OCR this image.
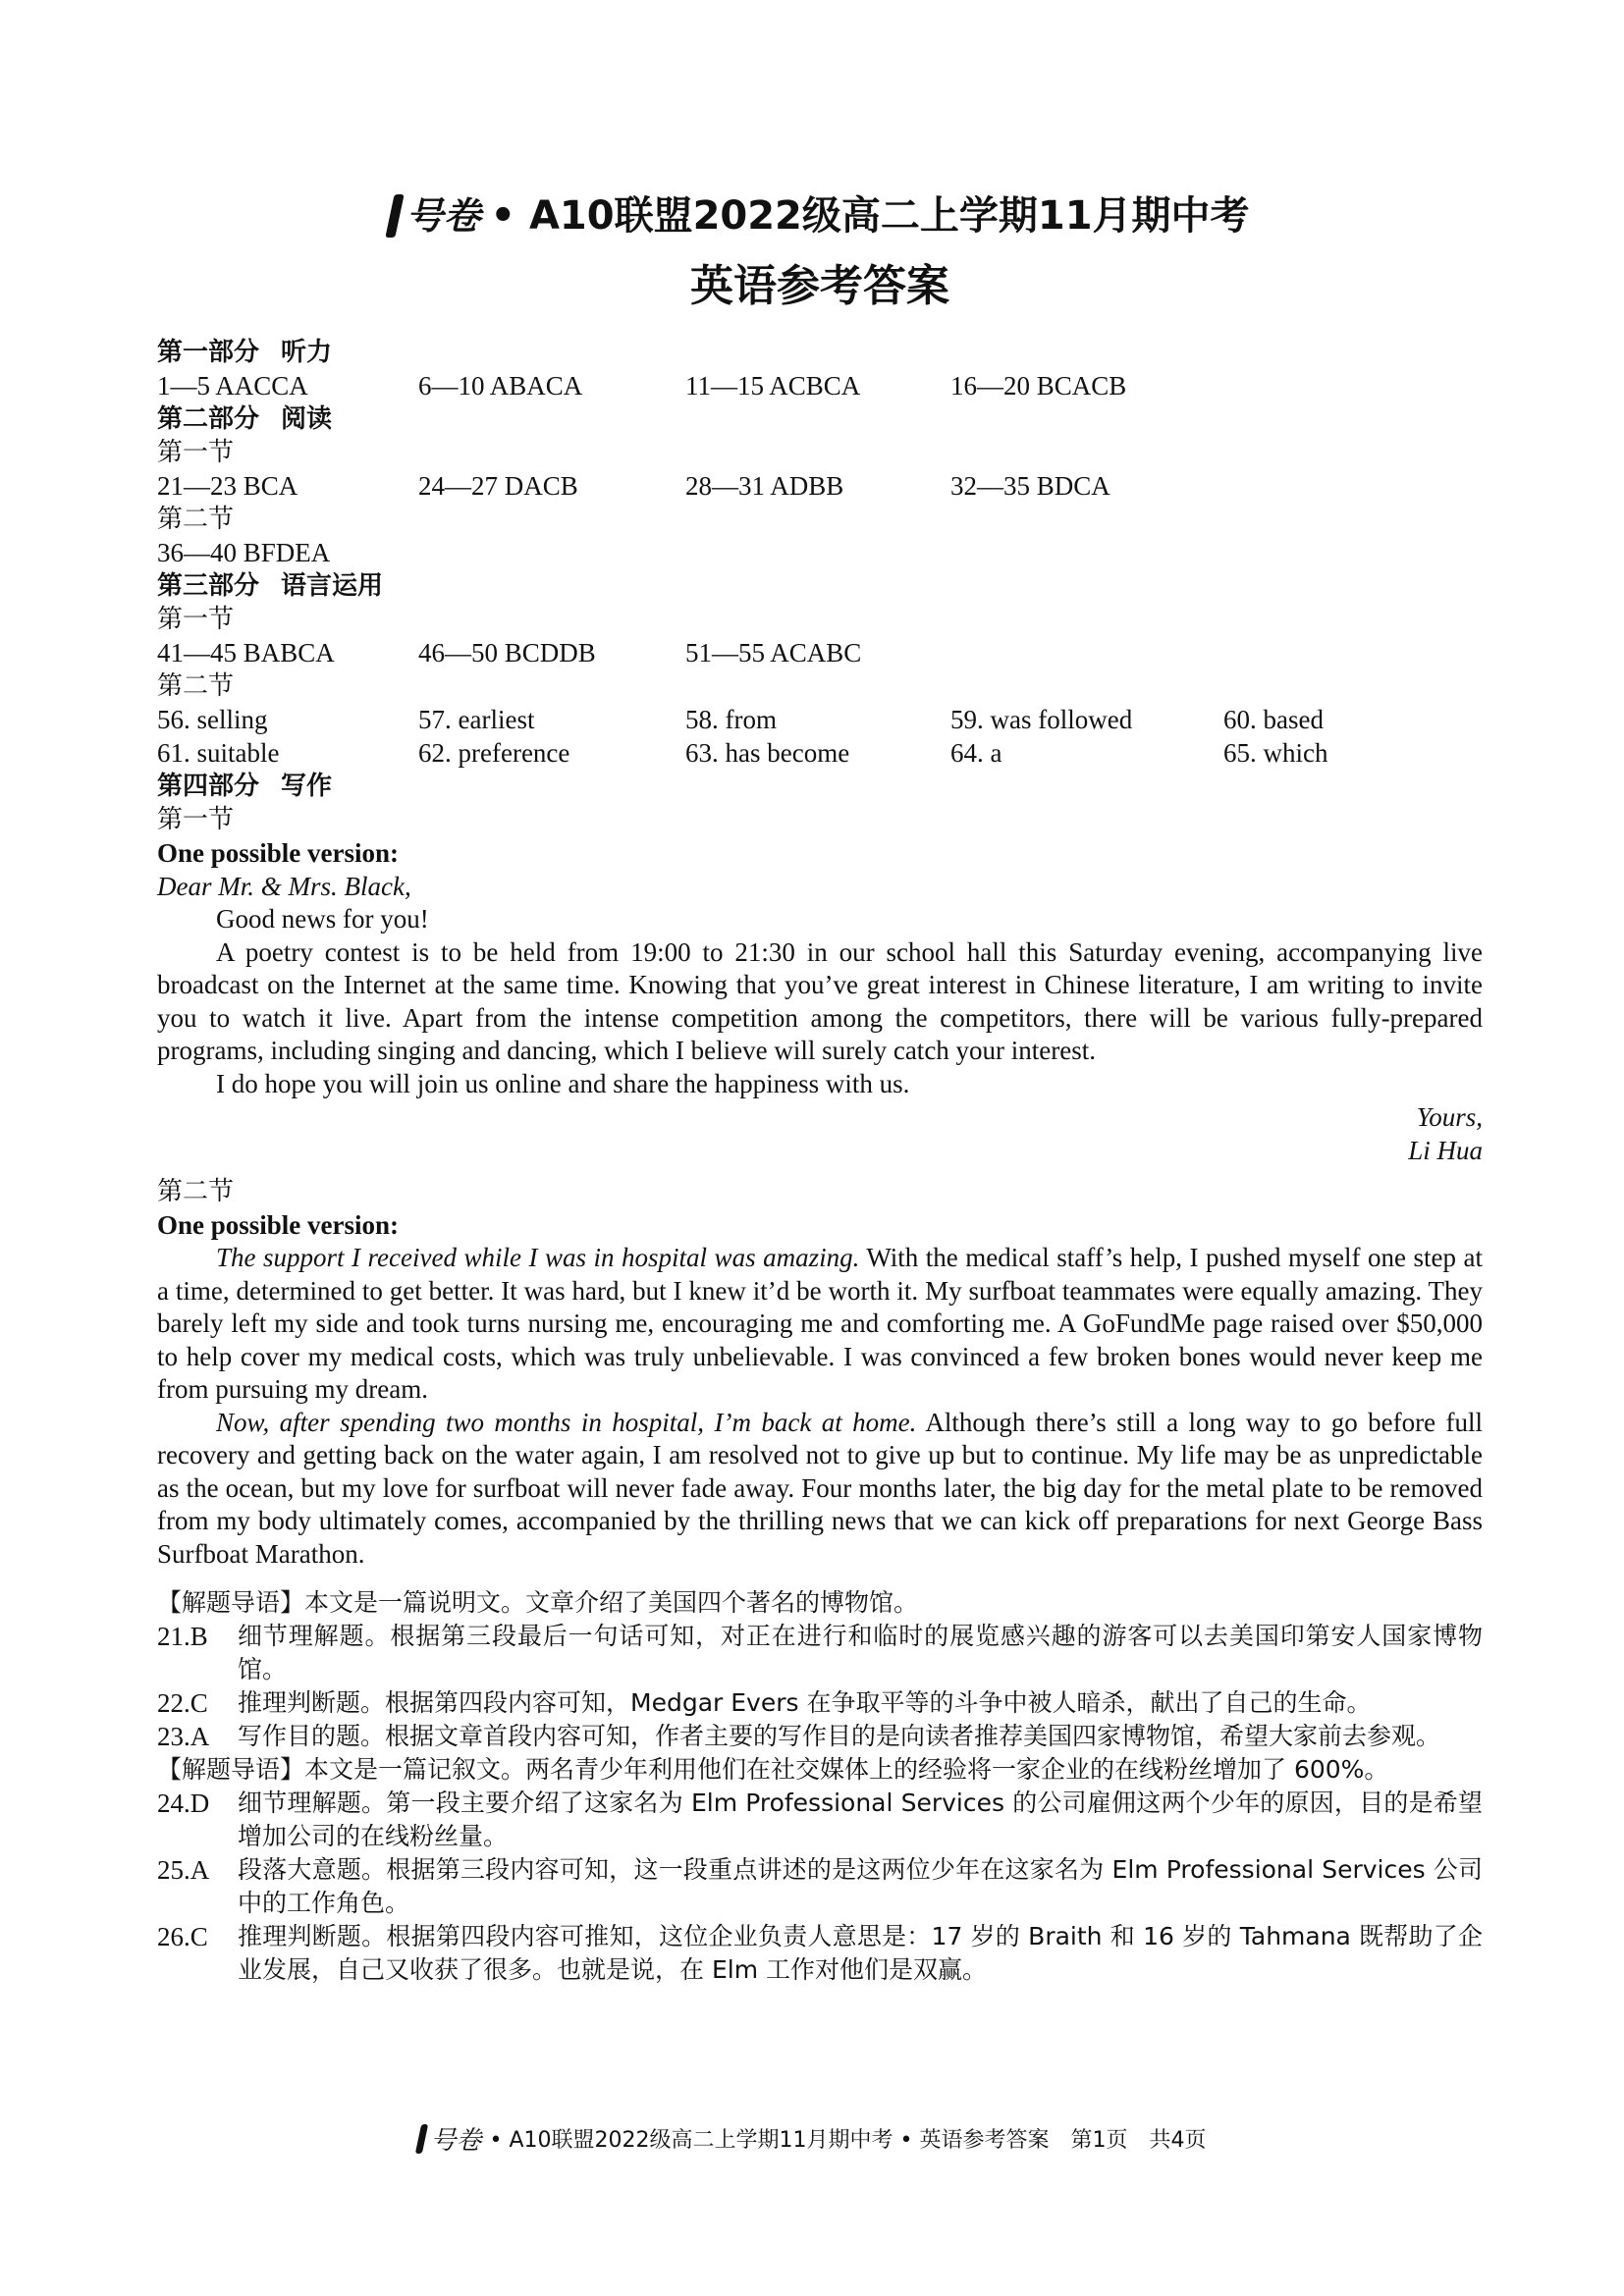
号卷 • A10联盟2022级高二上学期11月期中考
英语参考答案
第一部分 听力
1—5 AACCA	6—10 ABACA	11—15 ACBCA	16—20 BCACB
第二部分 阅读
第一节
21—23 BCA	24—27 DACB	28—31 ADBB	32—35 BDCA
第二节
36—40 BFDEA
第三部分 语言运用
第一节
41—45 BABCA	46—50 BCDDB	51—55 ACABC
第二节
56. selling	57. earliest	58. from	59. was followed	60. based
61. suitable	62. preference	63. has become	64. a	65. which
第四部分 写作
第一节
One possible version:
Dear Mr. & Mrs. Black,

Good news for you!

A poetry contest is to be held from 19:00 to 21:30 in our school hall this Saturday evening, accompanying live broadcast on the Internet at the same time. Knowing that you’ve great interest in Chinese literature, I am writing to invite you to watch it live. Apart from the intense competition among the competitors, there will be various fully-prepared programs, including singing and dancing, which I believe will surely catch your interest.

I do hope you will join us online and share the happiness with us.

Yours,
Li Hua
第二节
One possible version:

The support I received while I was in hospital was amazing. With the medical staff’s help, I pushed myself one step at a time, determined to get better. It was hard, but I knew it’d be worth it. My surfboat teammates were equally amazing. They barely left my side and took turns nursing me, encouraging me and comforting me. A GoFundMe page raised over $50,000 to help cover my medical costs, which was truly unbelievable. I was convinced a few broken bones would never keep me from pursuing my dream.

Now, after spending two months in hospital, I’m back at home. Although there’s still a long way to go before full recovery and getting back on the water again, I am resolved not to give up but to continue. My life may be as unpredictable as the ocean, but my love for surfboat will never fade away. Four months later, the big day for the metal plate to be removed from my body ultimately comes, accompanied by the thrilling news that we can kick off preparations for next George Bass Surfboat Marathon.

【解题导语】本文是一篇说明文。文章介绍了美国四个著名的博物馆。
21.B	细节理解题。根据第三段最后一句话可知，对正在进行和临时的展览感兴趣的游客可以去美国印第安人国家博物馆。
22.C	推理判断题。根据第四段内容可知，Medgar Evers 在争取平等的斗争中被人暗杀，献出了自己的生命。
23.A	写作目的题。根据文章首段内容可知，作者主要的写作目的是向读者推荐美国四家博物馆，希望大家前去参观。
【解题导语】本文是一篇记叙文。两名青少年利用他们在社交媒体上的经验将一家企业的在线粉丝增加了 600%。
24.D	细节理解题。第一段主要介绍了这家名为 Elm Professional Services 的公司雇佣这两个少年的原因，目的是希望增加公司的在线粉丝量。
25.A	段落大意题。根据第三段内容可知，这一段重点讲述的是这两位少年在这家名为 Elm Professional Services 公司中的工作角色。
26.C	推理判断题。根据第四段内容可推知，这位企业负责人意思是：17 岁的 Braith 和 16 岁的 Tahmana 既帮助了企业发展，自己又收获了很多。也就是说，在 Elm 工作对他们是双赢。
号卷 • A10联盟2022级高二上学期11月期中考 • 英语参考答案　第1页　共4页
